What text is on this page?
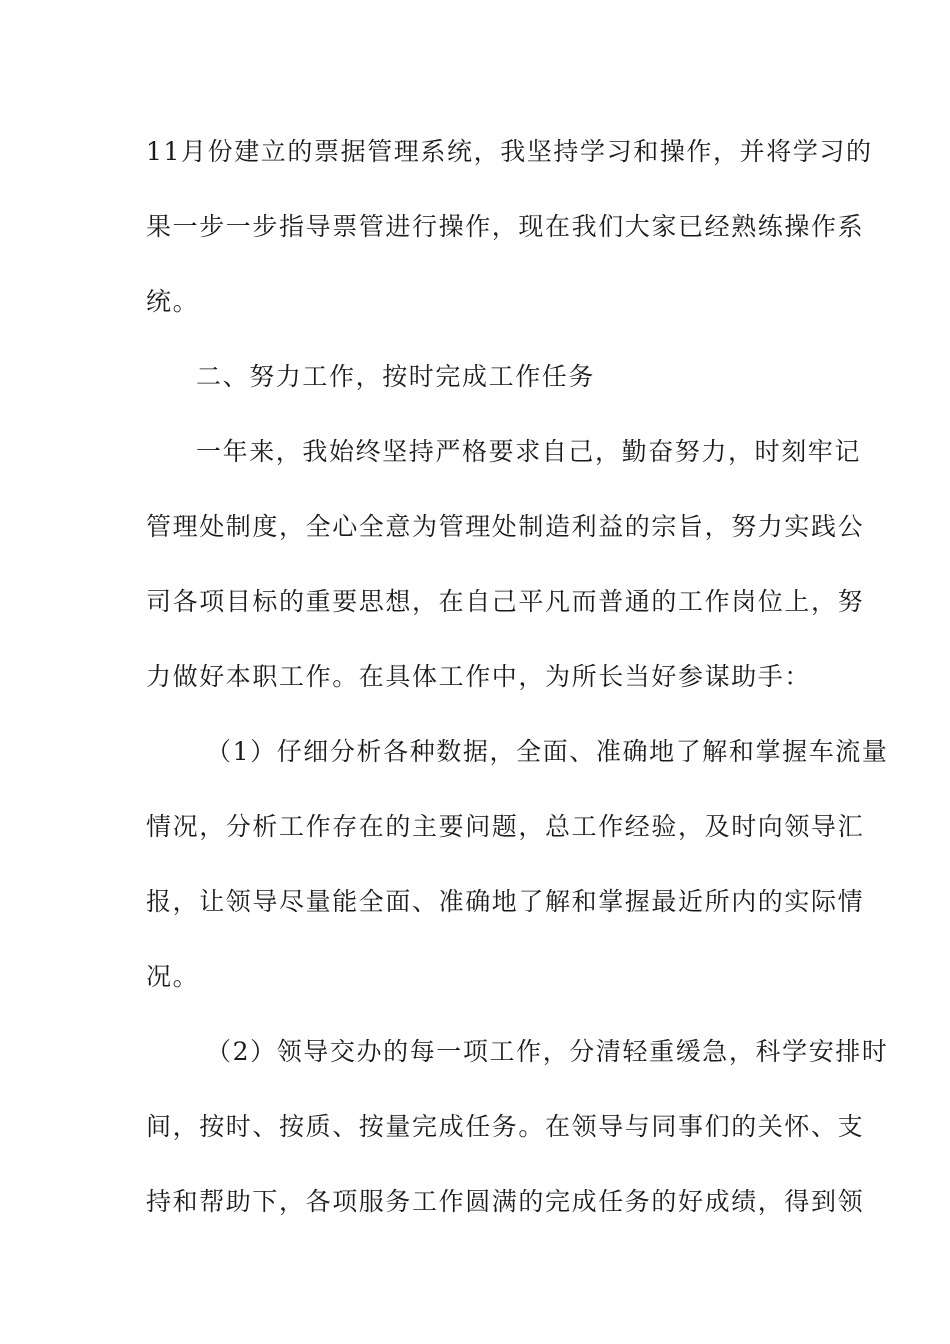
11月份建立的票据管理系统，我坚持学习和操作，并将学习的
果一步一步指导票管进行操作，现在我们大家已经熟练操作系
统。
二、努力工作，按时完成工作任务
一年来，我始终坚持严格要求自己，勤奋努力，时刻牢记
管理处制度，全心全意为管理处制造利益的宗旨，努力实践公
司各项目标的重要思想，在自己平凡而普通的工作岗位上，努
力做好本职工作。在具体工作中，为所长当好参谋助手：
（1）仔细分析各种数据，全面、准确地了解和掌握车流量
情况，分析工作存在的主要问题，总工作经验，及时向领导汇
报，让领导尽量能全面、准确地了解和掌握最近所内的实际情
况。
（2）领导交办的每一项工作，分清轻重缓急，科学安排时
间，按时、按质、按量完成任务。在领导与同事们的关怀、支
持和帮助下，各项服务工作圆满的完成任务的好成绩，得到领
